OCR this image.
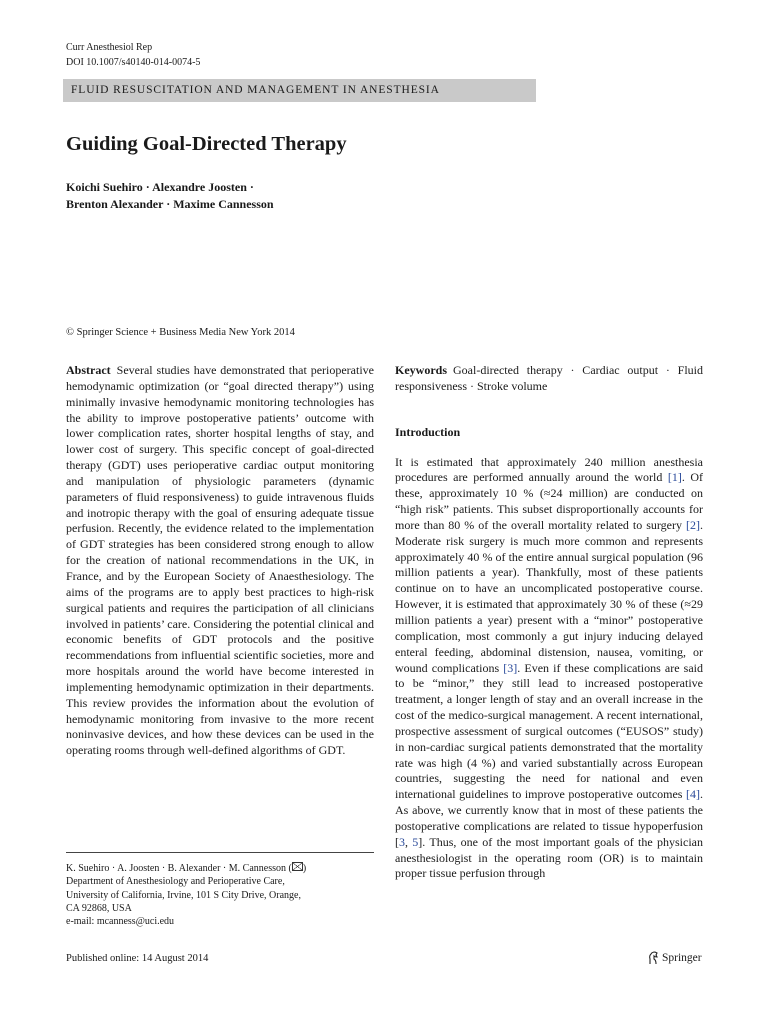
Curr Anesthesiol Rep
DOI 10.1007/s40140-014-0074-5
FLUID RESUSCITATION AND MANAGEMENT IN ANESTHESIA
Guiding Goal-Directed Therapy
Koichi Suehiro · Alexandre Joosten ·
Brenton Alexander · Maxime Cannesson
© Springer Science + Business Media New York 2014
Abstract Several studies have demonstrated that perioperative hemodynamic optimization (or “goal directed therapy”) using minimally invasive hemodynamic monitoring technologies has the ability to improve postoperative patients’ outcome with lower complication rates, shorter hospital lengths of stay, and lower cost of surgery. This specific concept of goal-directed therapy (GDT) uses perioperative cardiac output monitoring and manipulation of physiologic parameters (dynamic parameters of fluid responsiveness) to guide intravenous fluids and inotropic therapy with the goal of ensuring adequate tissue perfusion. Recently, the evidence related to the implementation of GDT strategies has been considered strong enough to allow for the creation of national recommendations in the UK, in France, and by the European Society of Anaesthesiology. The aims of the programs are to apply best practices to high-risk surgical patients and requires the participation of all clinicians involved in patients’ care. Considering the potential clinical and economic benefits of GDT protocols and the positive recommendations from influential scientific societies, more and more hospitals around the world have become interested in implementing hemodynamic optimization in their departments. This review provides the information about the evolution of hemodynamic monitoring from invasive to the more recent noninvasive devices, and how these devices can be used in the operating rooms through well-defined algorithms of GDT.
Keywords Goal-directed therapy · Cardiac output · Fluid responsiveness · Stroke volume
Introduction
It is estimated that approximately 240 million anesthesia procedures are performed annually around the world [1]. Of these, approximately 10 % (≈24 million) are conducted on “high risk” patients. This subset disproportionally accounts for more than 80 % of the overall mortality related to surgery [2]. Moderate risk surgery is much more common and represents approximately 40 % of the entire annual surgical population (96 million patients a year). Thankfully, most of these patients continue on to have an uncomplicated postoperative course. However, it is estimated that approximately 30 % of these (≈29 million patients a year) present with a “minor” postoperative complication, most commonly a gut injury inducing delayed enteral feeding, abdominal distension, nausea, vomiting, or wound complications [3]. Even if these complications are said to be “minor,” they still lead to increased postoperative treatment, a longer length of stay and an overall increase in the cost of the medico-surgical management. A recent international, prospective assessment of surgical outcomes (“EUSOS” study) in non-cardiac surgical patients demonstrated that the mortality rate was high (4 %) and varied substantially across European countries, suggesting the need for national and even international guidelines to improve postoperative outcomes [4]. As above, we currently know that in most of these patients the postoperative complications are related to tissue hypoperfusion [3, 5]. Thus, one of the most important goals of the physician anesthesiologist in the operating room (OR) is to maintain proper tissue perfusion through
K. Suehiro · A. Joosten · B. Alexander · M. Cannesson ( )
Department of Anesthesiology and Perioperative Care,
University of California, Irvine, 101 S City Drive, Orange,
CA 92868, USA
e-mail: mcanness@uci.edu
Published online: 14 August 2014	Springer
